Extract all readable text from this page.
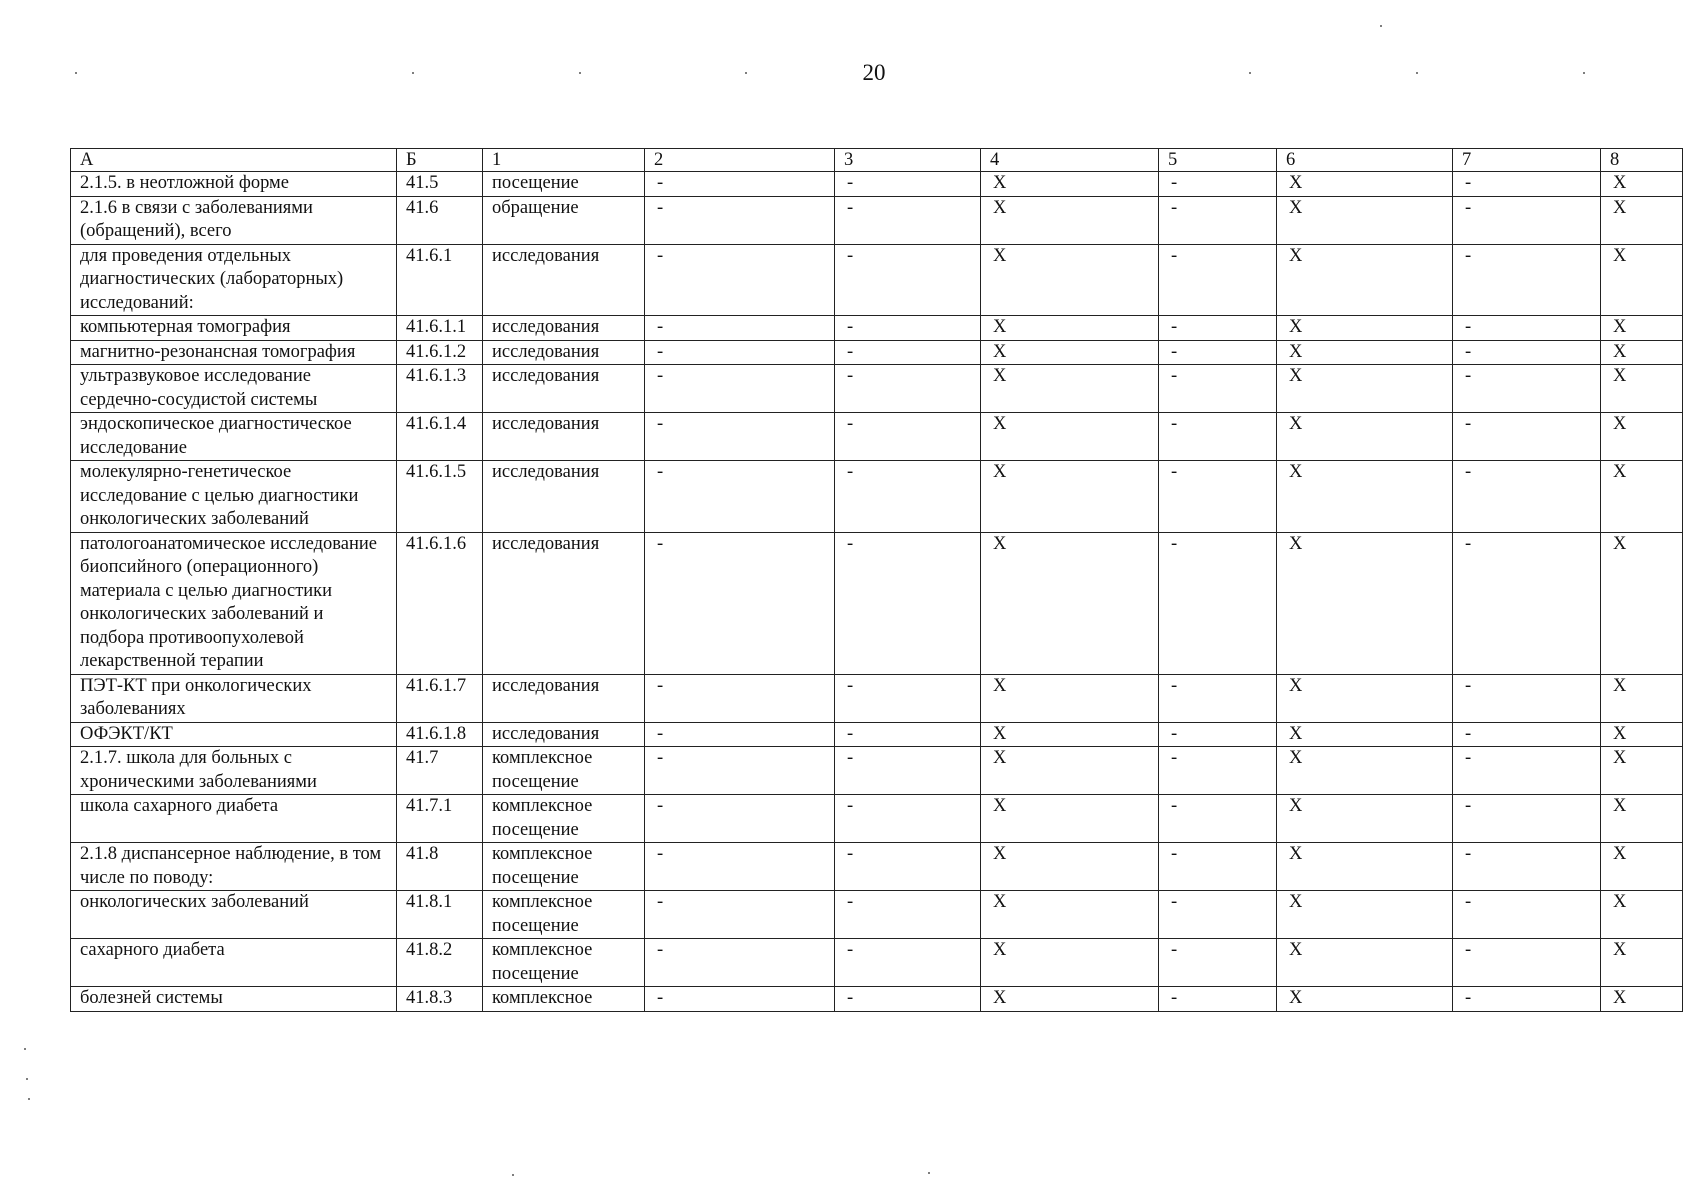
20
А	Б	1	2	3	4	5	6	7	8
2.1.5. в неотложной форме	41.5	посещение	-	-	X	-	X	-	X
2.1.6 в связи с заболеваниями (обращений), всего	41.6	обращение	-	-	X	-	X	-	X
для проведения отдельных диагностических (лабораторных) исследований:	41.6.1	исследования	-	-	X	-	X	-	X
компьютерная томография	41.6.1.1	исследования	-	-	X	-	X	-	X
магнитно-резонансная томография	41.6.1.2	исследования	-	-	X	-	X	-	X
ультразвуковое исследование сердечно-сосудистой системы	41.6.1.3	исследования	-	-	X	-	X	-	X
эндоскопическое диагностическое исследование	41.6.1.4	исследования	-	-	X	-	X	-	X
молекулярно-генетическое исследование с целью диагностики онкологических заболеваний	41.6.1.5	исследования	-	-	X	-	X	-	X
патологоанатомическое исследование биопсийного (операционного) материала с целью диагностики онкологических заболеваний и подбора противоопухолевой лекарственной терапии	41.6.1.6	исследования	-	-	X	-	X	-	X
ПЭТ-КТ при онкологических заболеваниях	41.6.1.7	исследования	-	-	X	-	X	-	X
ОФЭКТ/КТ	41.6.1.8	исследования	-	-	X	-	X	-	X
2.1.7. школа для больных с хроническими заболеваниями	41.7	комплексное посещение	-	-	X	-	X	-	X
школа сахарного диабета	41.7.1	комплексное посещение	-	-	X	-	X	-	X
2.1.8 диспансерное наблюдение, в том числе по поводу:	41.8	комплексное посещение	-	-	X	-	X	-	X
онкологических заболеваний	41.8.1	комплексное посещение	-	-	X	-	X	-	X
сахарного диабета	41.8.2	комплексное посещение	-	-	X	-	X	-	X
болезней системы	41.8.3	комплексное	-	-	X	-	X	-	X
